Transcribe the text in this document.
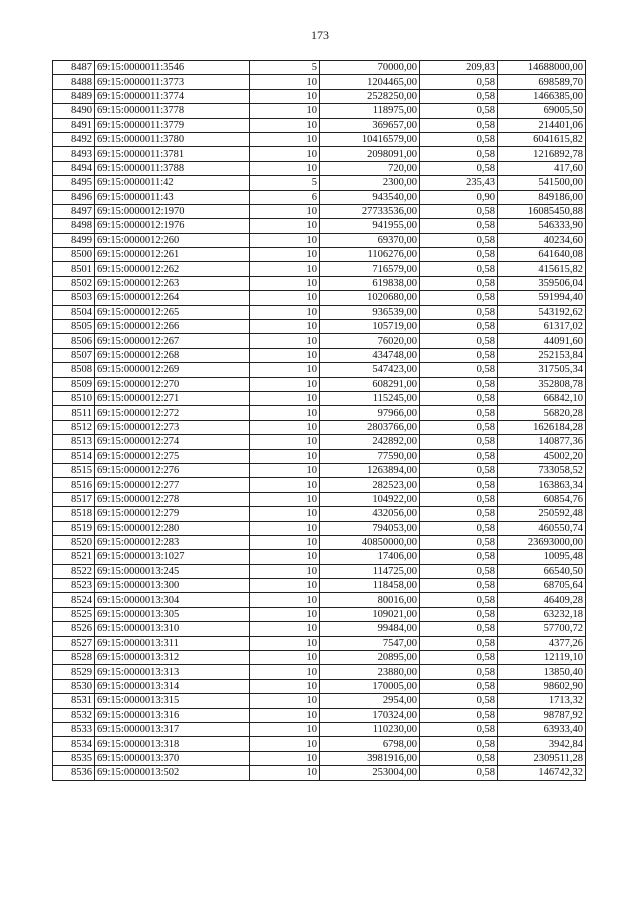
173
8487	69:15:0000011:3546	5	70000,00	209,83	14688000,00
8488	69:15:0000011:3773	10	1204465,00	0,58	698589,70
8489	69:15:0000011:3774	10	2528250,00	0,58	1466385,00
8490	69:15:0000011:3778	10	118975,00	0,58	69005,50
8491	69:15:0000011:3779	10	369657,00	0,58	214401,06
8492	69:15:0000011:3780	10	10416579,00	0,58	6041615,82
8493	69:15:0000011:3781	10	2098091,00	0,58	1216892,78
8494	69:15:0000011:3788	10	720,00	0,58	417,60
8495	69:15:0000011:42	5	2300,00	235,43	541500,00
8496	69:15:0000011:43	6	943540,00	0,90	849186,00
8497	69:15:0000012:1970	10	27733536,00	0,58	16085450,88
8498	69:15:0000012:1976	10	941955,00	0,58	546333,90
8499	69:15:0000012:260	10	69370,00	0,58	40234,60
8500	69:15:0000012:261	10	1106276,00	0,58	641640,08
8501	69:15:0000012:262	10	716579,00	0,58	415615,82
8502	69:15:0000012:263	10	619838,00	0,58	359506,04
8503	69:15:0000012:264	10	1020680,00	0,58	591994,40
8504	69:15:0000012:265	10	936539,00	0,58	543192,62
8505	69:15:0000012:266	10	105719,00	0,58	61317,02
8506	69:15:0000012:267	10	76020,00	0,58	44091,60
8507	69:15:0000012:268	10	434748,00	0,58	252153,84
8508	69:15:0000012:269	10	547423,00	0,58	317505,34
8509	69:15:0000012:270	10	608291,00	0,58	352808,78
8510	69:15:0000012:271	10	115245,00	0,58	66842,10
8511	69:15:0000012:272	10	97966,00	0,58	56820,28
8512	69:15:0000012:273	10	2803766,00	0,58	1626184,28
8513	69:15:0000012:274	10	242892,00	0,58	140877,36
8514	69:15:0000012:275	10	77590,00	0,58	45002,20
8515	69:15:0000012:276	10	1263894,00	0,58	733058,52
8516	69:15:0000012:277	10	282523,00	0,58	163863,34
8517	69:15:0000012:278	10	104922,00	0,58	60854,76
8518	69:15:0000012:279	10	432056,00	0,58	250592,48
8519	69:15:0000012:280	10	794053,00	0,58	460550,74
8520	69:15:0000012:283	10	40850000,00	0,58	23693000,00
8521	69:15:0000013:1027	10	17406,00	0,58	10095,48
8522	69:15:0000013:245	10	114725,00	0,58	66540,50
8523	69:15:0000013:300	10	118458,00	0,58	68705,64
8524	69:15:0000013:304	10	80016,00	0,58	46409,28
8525	69:15:0000013:305	10	109021,00	0,58	63232,18
8526	69:15:0000013:310	10	99484,00	0,58	57700,72
8527	69:15:0000013:311	10	7547,00	0,58	4377,26
8528	69:15:0000013:312	10	20895,00	0,58	12119,10
8529	69:15:0000013:313	10	23880,00	0,58	13850,40
8530	69:15:0000013:314	10	170005,00	0,58	98602,90
8531	69:15:0000013:315	10	2954,00	0,58	1713,32
8532	69:15:0000013:316	10	170324,00	0,58	98787,92
8533	69:15:0000013:317	10	110230,00	0,58	63933,40
8534	69:15:0000013:318	10	6798,00	0,58	3942,84
8535	69:15:0000013:370	10	3981916,00	0,58	2309511,28
8536	69:15:0000013:502	10	253004,00	0,58	146742,32
